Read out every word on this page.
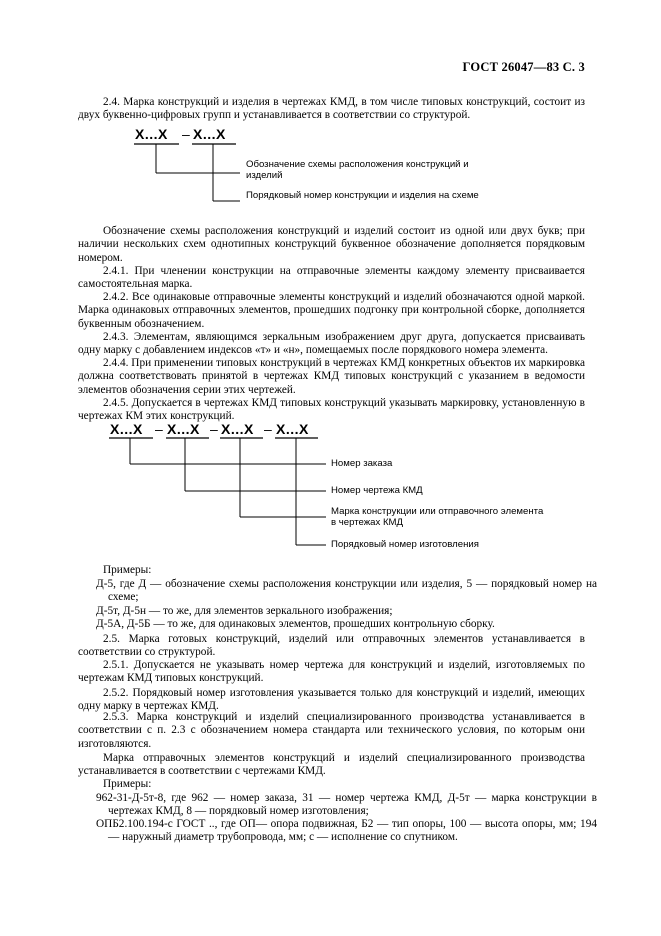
ГОСТ 26047—83 С. 3

2.4. Марка конструкций и изделия в чертежах КМД, в том числе типовых конструкций, состоит из двух буквенно-цифровых групп и устанавливается в соответствии со структурой.

X...X – X...X
Обозначение схемы расположения конструкций и изделий
Порядковый номер конструкции и изделия на схеме

Обозначение схемы расположения конструкций и изделий состоит из одной или двух букв; при наличии нескольких схем однотипных конструкций буквенное обозначение дополняется порядковым номером.

2.4.1. При членении конструкции на отправочные элементы каждому элементу присваивается самостоятельная марка.

2.4.2. Все одинаковые отправочные элементы конструкций и изделий обозначаются одной маркой. Марка одинаковых отправочных элементов, прошедших подгонку при контрольной сборке, дополняется буквенным обозначением.

2.4.3. Элементам, являющимся зеркальным изображением друг друга, допускается присваивать одну марку с добавлением индексов «т» и «н», помещаемых после порядкового номера элемента.

2.4.4. При применении типовых конструкций в чертежах КМД конкретных объектов их маркировка должна соответствовать принятой в чертежах КМД типовых конструкций с указанием в ведомости элементов обозначения серии этих чертежей.

2.4.5. Допускается в чертежах КМД типовых конструкций указывать маркировку, установленную в чертежах КМ этих конструкций.

X...X – X...X – X...X – X...X
Номер заказа
Номер чертежа КМД
Марка конструкции или отправочного элемента в чертежах КМД
Порядковый номер изготовления

Примеры:

Д-5, где Д — обозначение схемы расположения конструкции или изделия, 5 — порядковый номер на схеме;

Д-5т, Д-5н — то же, для элементов зеркального изображения;

Д-5А, Д-5Б — то же, для одинаковых элементов, прошедших контрольную сборку.

2.5. Марка готовых конструкций, изделий или отправочных элементов устанавливается в соответствии со структурой.

2.5.1. Допускается не указывать номер чертежа для конструкций и изделий, изготовляемых по чертежам КМД типовых конструкций.

2.5.2. Порядковый номер изготовления указывается только для конструкций и изделий, имеющих одну марку в чертежах КМД.

2.5.3. Марка конструкций и изделий специализированного производства устанавливается в соответствии с п. 2.3 с обозначением номера стандарта или технического условия, по которым они изготовляются.

Марка отправочных элементов конструкций и изделий специализированного производства устанавливается в соответствии с чертежами КМД.

Примеры:

962-31-Д-5т-8, где 962 — номер заказа, 31 — номер чертежа КМД, Д-5т — марка конструкции в чертежах КМД, 8 — порядковый номер изготовления;

ОПБ2.100.194-с ГОСТ .., где ОП— опора подвижная, Б2 — тип опоры, 100 — высота опоры, мм; 194 — наружный диаметр трубопровода, мм; с — исполнение со спутником.
